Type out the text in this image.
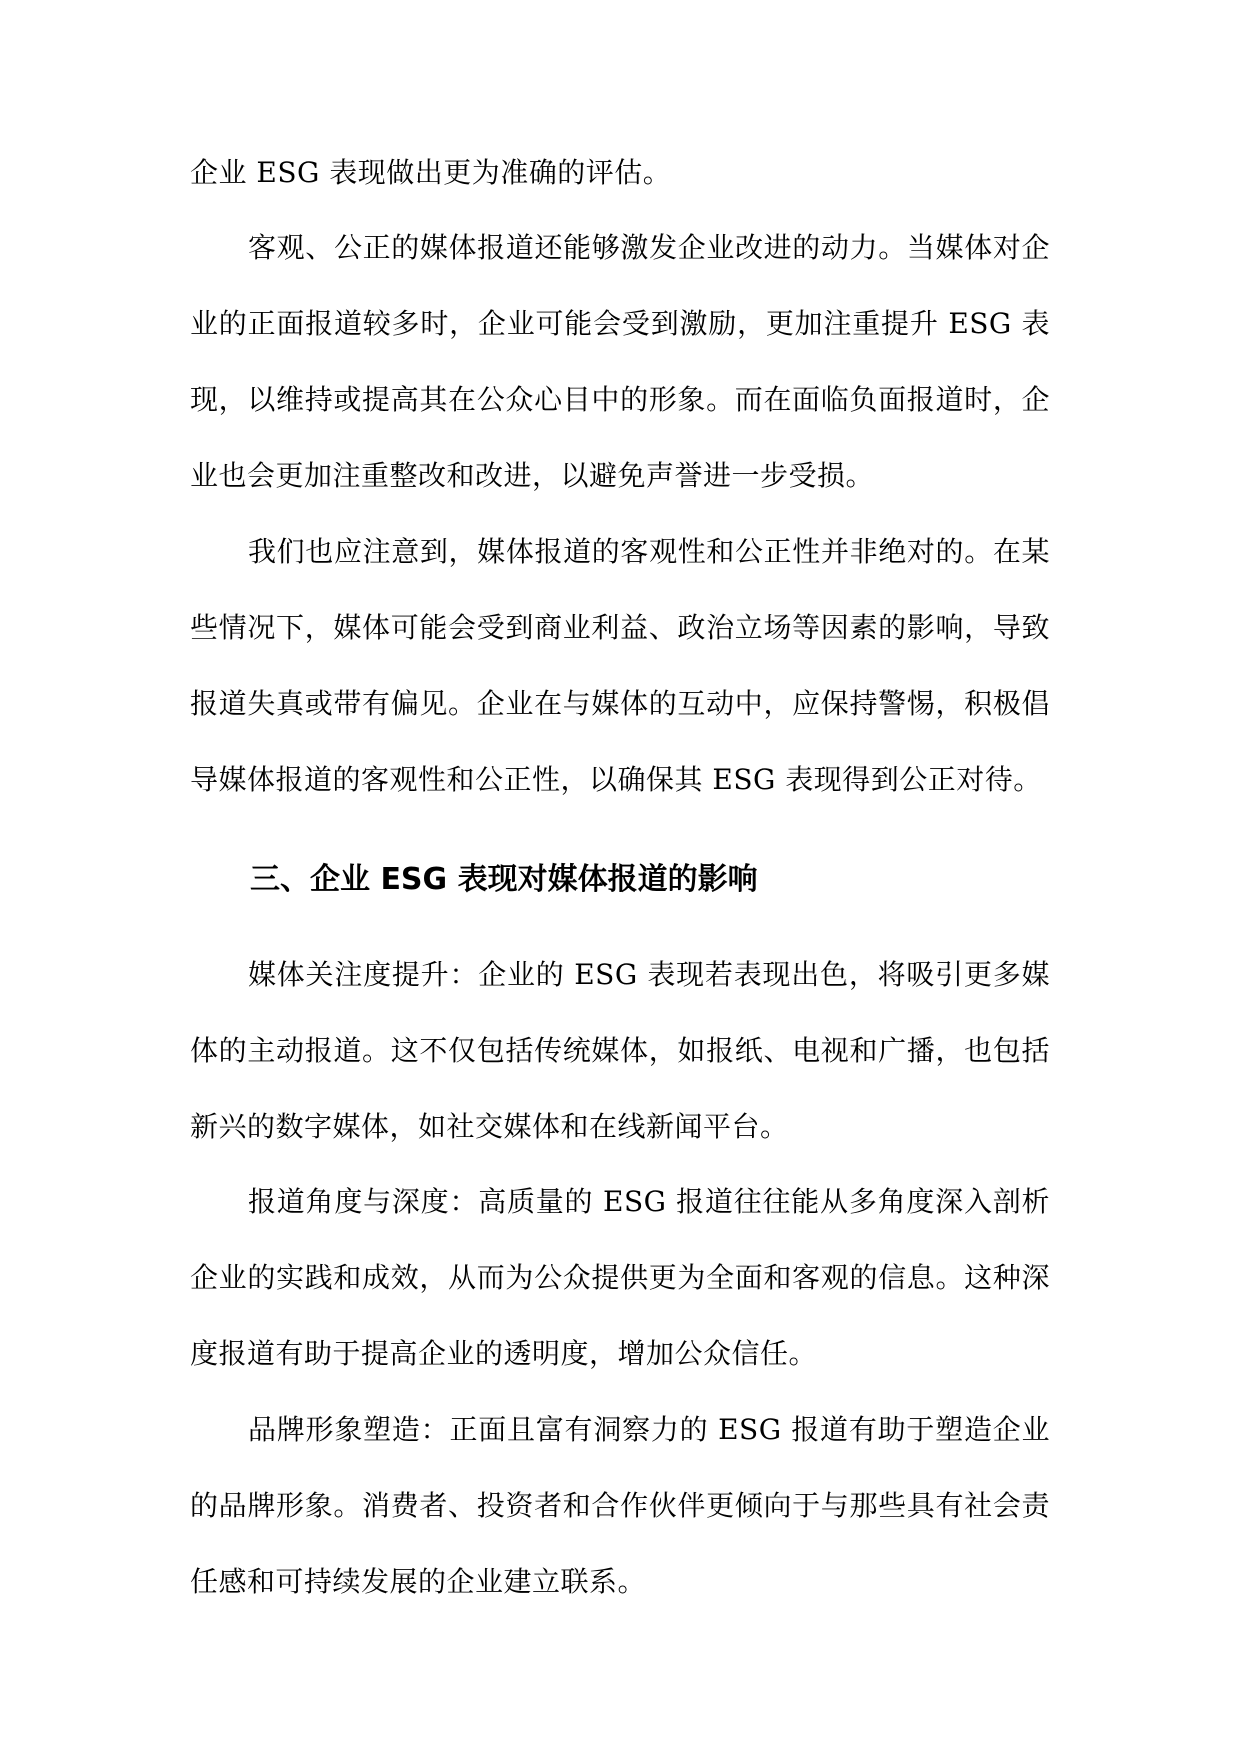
企业 ESG 表现做出更为准确的评估。

客观、公正的媒体报道还能够激发企业改进的动力。当媒体对企业的正面报道较多时，企业可能会受到激励，更加注重提升 ESG 表现，以维持或提高其在公众心目中的形象。而在面临负面报道时，企业也会更加注重整改和改进，以避免声誉进一步受损。

我们也应注意到，媒体报道的客观性和公正性并非绝对的。在某些情况下，媒体可能会受到商业利益、政治立场等因素的影响，导致报道失真或带有偏见。企业在与媒体的互动中，应保持警惕，积极倡导媒体报道的客观性和公正性，以确保其 ESG 表现得到公正对待。

三、企业 ESG 表现对媒体报道的影响

媒体关注度提升：企业的 ESG 表现若表现出色，将吸引更多媒体的主动报道。这不仅包括传统媒体，如报纸、电视和广播，也包括新兴的数字媒体，如社交媒体和在线新闻平台。

报道角度与深度：高质量的 ESG 报道往往能从多角度深入剖析企业的实践和成效，从而为公众提供更为全面和客观的信息。这种深度报道有助于提高企业的透明度，增加公众信任。

品牌形象塑造：正面且富有洞察力的 ESG 报道有助于塑造企业的品牌形象。消费者、投资者和合作伙伴更倾向于与那些具有社会责任感和可持续发展的企业建立联系。
